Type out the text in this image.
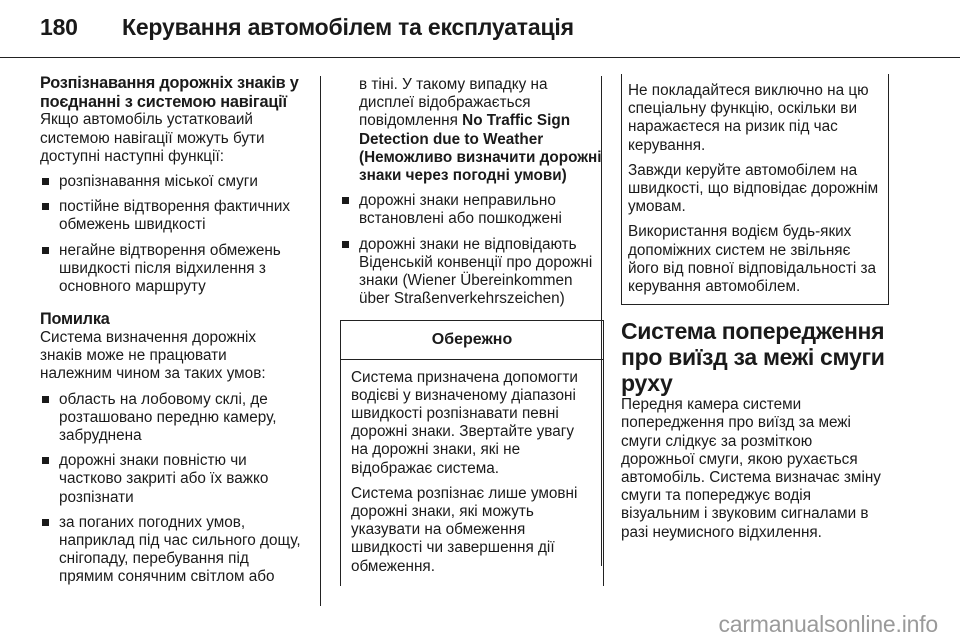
180 Керування автомобілем та експлуатація
Розпізнавання дорожніх знаків у поєднанні з системою навігації

Якщо автомобіль устатковаий системою навігації можуть бути доступні наступні функції:

розпізнавання міської смуги
постійне відтворення фактичних обмежень швидкості
негайне відтворення обмежень швидкості після відхилення з основного маршруту
Помилка

Система визначення дорожніх знаків може не працювати належним чином за таких умов:

область на лобовому склі, де розташовано передню камеру, забруднена
дорожні знаки повністю чи частково закриті або їх важко розпізнати
за поганих погодних умов, наприклад під час сильного дощу, снігопаду, перебування під прямим сонячним світлом або

в тіні. У такому випадку на дисплеї відображається повідомлення No Traffic Sign Detection due to Weather (Неможливо визначити дорожні знаки через погодні умови)

дорожні знаки неправильно встановлені або пошкоджені
дорожні знаки не відповідають Віденській конвенції про дорожні знаки (Wiener Übereinkommen über Straßenverkehrszeichen)
Обережно

Система призначена допомогти водієві у визначеному діапазоні швидкості розпізнавати певні дорожні знаки. Звертайте увагу на дорожні знаки, які не відображає система.

Система розпізнає лише умовні дорожні знаки, які можуть указувати на обмеження швидкості чи завершення дії обмеження.

Не покладайтеся виключно на цю спеціальну функцію, оскільки ви наражаєтеся на ризик під час керування.

Завжди керуйте автомобілем на швидкості, що відповідає дорожнім умовам.

Використання водієм будь-яких допоміжних систем не звільняє його від повної відповідальності за керування автомобілем.

Система попередження про виїзд за межі смуги руху

Передня камера системи попередження про виїзд за межі смуги слідкує за розміткою дорожньої смуги, якою рухається автомобіль. Система визначає зміну смуги та попереджує водія візуальним і звуковим сигналами в разі неумисного відхилення.

carmanualsonline.info
